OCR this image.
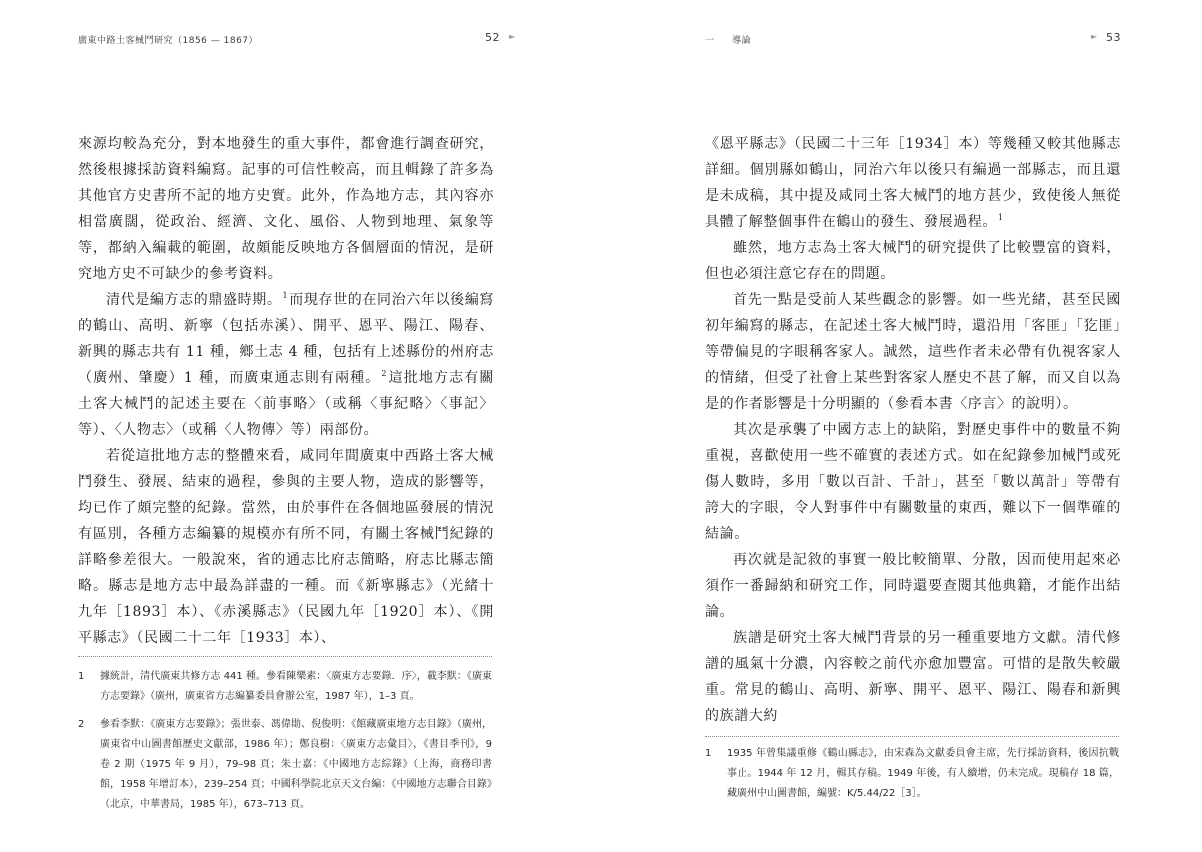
廣東中路土客械鬥研究（1856 — 1867）	52 ►

來源均較為充分，對本地發生的重大事件，都會進行調查研究，然後根據採訪資料編寫。記事的可信性較高，而且輯錄了許多為其他官方史書所不記的地方史實。此外，作為地方志，其內容亦相當廣闊，從政治、經濟、文化、風俗、人物到地理、氣象等等，都納入編載的範圍，故頗能反映地方各個層面的情況，是研究地方史不可缺少的參考資料。

清代是編方志的鼎盛時期。$^1$而現存世的在同治六年以後編寫的鶴山、高明、新寧（包括赤溪）、開平、恩平、陽江、陽春、新興的縣志共有 11 種，鄉土志 4 種，包括有上述縣份的州府志（廣州、肇慶）1 種，而廣東通志則有兩種。$^2$這批地方志有關土客大械鬥的記述主要在〈前事略〉（或稱〈事紀略〉〈事記〉等）、〈人物志〉（或稱〈人物傳〉等）兩部份。

若從這批地方志的整體來看，咸同年間廣東中西路土客大械鬥發生、發展、結束的過程，參與的主要人物，造成的影響等，均已作了頗完整的紀錄。當然，由於事件在各個地區發展的情況有區別，各種方志編纂的規模亦有所不同，有關土客械鬥紀錄的詳略參差很大。一般說來，省的通志比府志簡略，府志比縣志簡略。縣志是地方志中最為詳盡的一種。而《新寧縣志》（光緒十九年［1893］本）、《赤溪縣志》（民國九年［1920］本）、《開平縣志》（民國二十二年［1933］本）、

1 據統計，清代廣東共修方志 441 種。參看陳樂素：〈廣東方志要錄．序〉，載李默：《廣東方志要錄》（廣州，廣東省方志編纂委員會辦公室，1987 年），1–3 頁。
2 參看李默：《廣東方志要錄》；張世泰、馮偉勛、倪俊明：《館藏廣東地方志目錄》（廣州，廣東省中山圖書館歷史文獻部，1986 年）；鄭良樹：〈廣東方志彙目〉，《書目季刊》，9 卷 2 期（1975 年 9 月），79–98 頁；朱士嘉：《中國地方志綜錄》（上海，商務印書館，1958 年增訂本），239–254 頁；中國科學院北京天文台編：《中國地方志聯合目錄》（北京，中華書局，1985 年），673–713 頁。
一 導論	► 53

《恩平縣志》（民國二十三年［1934］本）等幾種又較其他縣志詳細。個別縣如鶴山，同治六年以後只有編過一部縣志，而且還是未成稿，其中提及咸同土客大械鬥的地方甚少，致使後人無從具體了解整個事件在鶴山的發生、發展過程。$^1$

雖然，地方志為土客大械鬥的研究提供了比較豐富的資料，但也必須注意它存在的問題。

首先一點是受前人某些觀念的影響。如一些光緒，甚至民國初年編寫的縣志，在記述土客大械鬥時，還沿用「客匪」「犵匪」等帶偏見的字眼稱客家人。誠然，這些作者未必帶有仇視客家人的情緒，但受了社會上某些對客家人歷史不甚了解，而又自以為是的作者影響是十分明顯的（參看本書〈序言〉的說明）。

其次是承襲了中國方志上的缺陷，對歷史事件中的數量不夠重視，喜歡使用一些不確實的表述方式。如在紀錄參加械鬥或死傷人數時，多用「數以百計、千計」，甚至「數以萬計」等帶有誇大的字眼，令人對事件中有關數量的東西，難以下一個準確的結論。

再次就是記敘的事實一般比較簡單、分散，因而使用起來必須作一番歸納和研究工作，同時還要查閱其他典籍，才能作出結論。

族譜是研究土客大械鬥背景的另一種重要地方文獻。清代修譜的風氣十分濃，內容較之前代亦愈加豐富。可惜的是散失較嚴重。常見的鶴山、高明、新寧、開平、恩平、陽江、陽春和新興的族譜大約

1 1935 年曾集議重修《鶴山縣志》，由宋森為文獻委員會主席，先行採訪資料，後因抗戰事止。1944 年 12 月，輯其存稿。1949 年後，有人續增，仍未完成。現稿存 18 篇，藏廣州中山圖書館，編號：K/5.44/22［3］。
